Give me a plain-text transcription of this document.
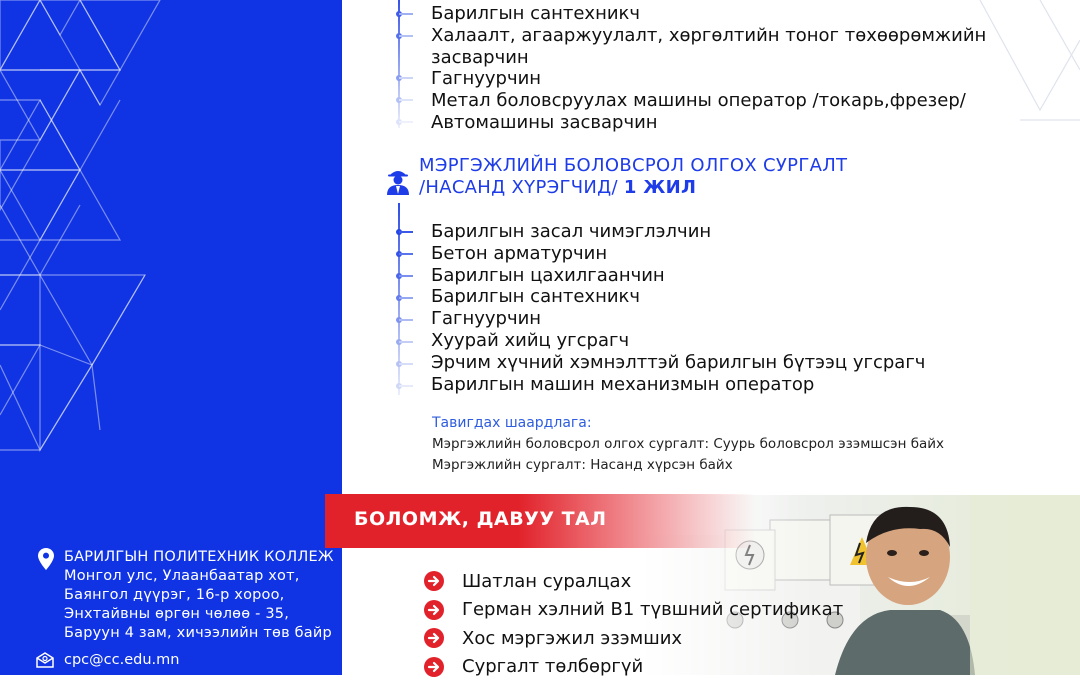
БАРИЛГЫН ПОЛИТЕХНИК КОЛЛЕЖ
Монгол улс, Улаанбаатар хот,
Баянгол дүүрэг, 16-р хороо,
Энхтайвны өргөн чөлөө - 35,
Баруун 4 зам, хичээлийн төв байр
cpc@cc.edu.mn
Барилгын сантехникч
Халаалт, агааржуулалт, хөргөлтийн тоног төхөөрөмжийн
засварчин
Гагнуурчин
Метал боловсруулах машины оператор /токарь,фрезер/
Автомашины засварчин
МЭРГЭЖЛИЙН БОЛОВСРОЛ ОЛГОХ СУРГАЛТ
/НАСАНД ХҮРЭГЧИД/ 1 ЖИЛ
Барилгын засал чимэглэлчин
Бетон арматурчин
Барилгын цахилгаанчин
Барилгын сантехникч
Гагнуурчин
Хуурай хийц угсрагч
Эрчим хүчний хэмнэлттэй барилгын бүтээц угсрагч
Барилгын машин механизмын оператор
Тавигдах шаардлага:
Мэргэжлийн боловсрол олгох сургалт: Суурь боловсрол эзэмшсэн байх
Мэргэжлийн сургалт: Насанд хүрсэн байх
БОЛОМЖ, ДАВУУ ТАЛ
Шатлан суралцах
Герман хэлний B1 түвшний сертификат
Хос мэргэжил эзэмших
Сургалт төлбөргүй
